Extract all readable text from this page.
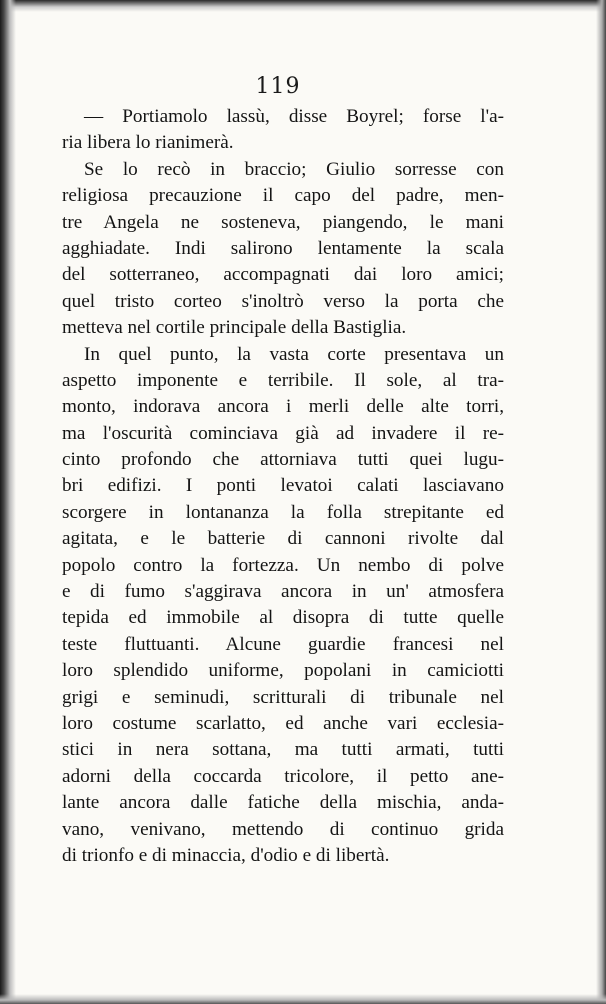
119
— Portiamolo lassù, disse Boyrel; forse l'a-
ria libera lo rianimerà.
Se lo recò in braccio; Giulio sorresse con
religiosa precauzione il capo del padre, men-
tre Angela ne sosteneva, piangendo, le mani
agghiadate. Indi salirono lentamente la scala
del sotterraneo, accompagnati dai loro amici;
quel tristo corteo s'inoltrò verso la porta che
metteva nel cortile principale della Bastiglia.
In quel punto, la vasta corte presentava un
aspetto imponente e terribile. Il sole, al tra-
monto, indorava ancora i merli delle alte torri,
ma l'oscurità cominciava già ad invadere il re-
cinto profondo che attorniava tutti quei lugu-
bri edifizi. I ponti levatoi calati lasciavano
scorgere in lontananza la folla strepitante ed
agitata, e le batterie di cannoni rivolte dal
popolo contro la fortezza. Un nembo di polve
e di fumo s'aggirava ancora in un' atmosfera
tepida ed immobile al disopra di tutte quelle
teste fluttuanti. Alcune guardie francesi nel
loro splendido uniforme, popolani in camiciotti
grigi e seminudi, scritturali di tribunale nel
loro costume scarlatto, ed anche vari ecclesia-
stici in nera sottana, ma tutti armati, tutti
adorni della coccarda tricolore, il petto ane-
lante ancora dalle fatiche della mischia, anda-
vano, venivano, mettendo di continuo grida
di trionfo e di minaccia, d'odio e di libertà.
